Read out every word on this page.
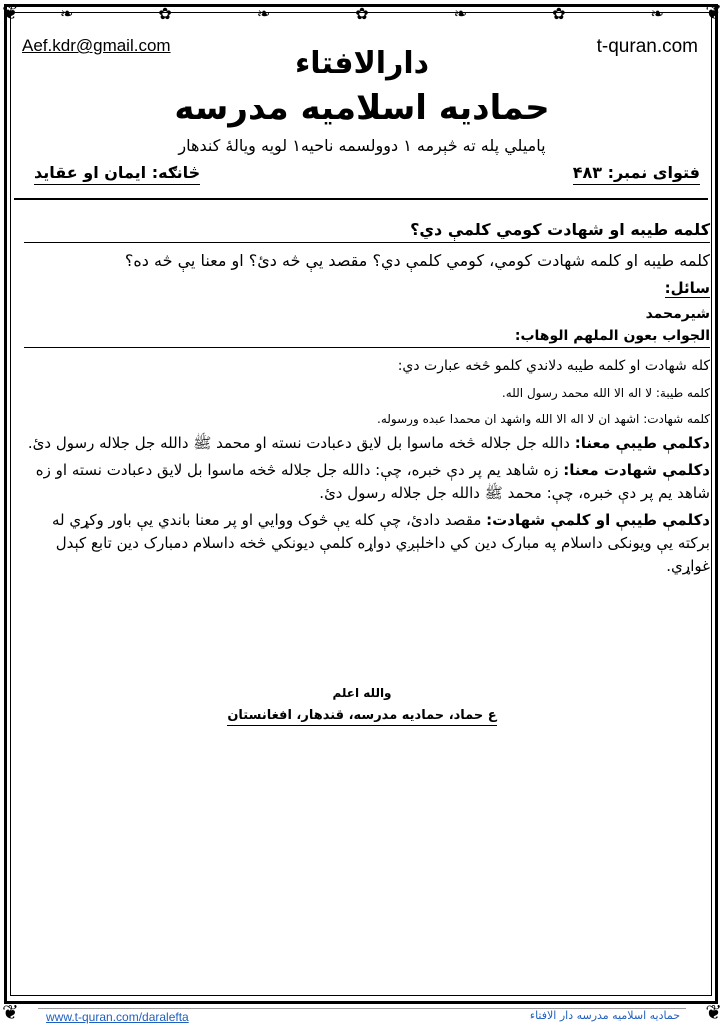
❦	❦
❦	❦
❧	✿	❧	✿	❧	✿	❧
Aef.kdr@gmail.com	t-quran.com
دارالافتاء
حمادیه اسلامیه مدرسه
پاميلي پله ته څېرمه ۱ دوولسمه ناحيه۱ لويه ويالهٔ کندهار
فتوای نمبر: ۴۸۳
څانګه: ايمان او عقايد
کلمه طيبه او شهادت کومي کلمې دي؟
کلمه طيبه او کلمه شهادت کومي، کومي کلمې دي؟ مقصد يې څه دئ؟ او معنا يې څه ده؟
سائل:
شيرمحمد
الجواب بعون الملهم الوهاب:
کله شهادت او کلمه طيبه دلاندي کلمو څخه عبارت دي:
کلمه طيبة: لا اله الا الله محمد رسول الله.
کلمه شهادت: اشهد ان لا اله الا الله واشهد ان محمدا عبده ورسوله.
دکلمې طيبې معنا: دالله جل جلاله څخه ماسوا بل لايق دعبادت نسته او محمد ﷺ دالله جل جلاله رسول دئ.
دکلمې شهادت معنا: زه شاهد يم پر دې خبره، چې: دالله جل جلاله څخه ماسوا بل لايق دعبادت نسته او زه شاهد يم پر دې خبره، چې: محمد ﷺ دالله جل جلاله رسول دئ.
دکلمې طيبې او کلمې شهادت: مقصد دادئ، چې کله يې څوک ووايي او پر معنا باندي يې باور وکړي له برکته يې ويونکی داسلام په مبارک دين کي داخلېږي دواړه کلمې ديونکي څخه داسلام دمبارک دين تابع کېدل غواړي.
والله اعلم
ع حماد، حماديه مدرسه، قندهار، افغانستان
www.t-quran.com/daralefta	حماديه اسلاميه مدرسه دار الافتاء
